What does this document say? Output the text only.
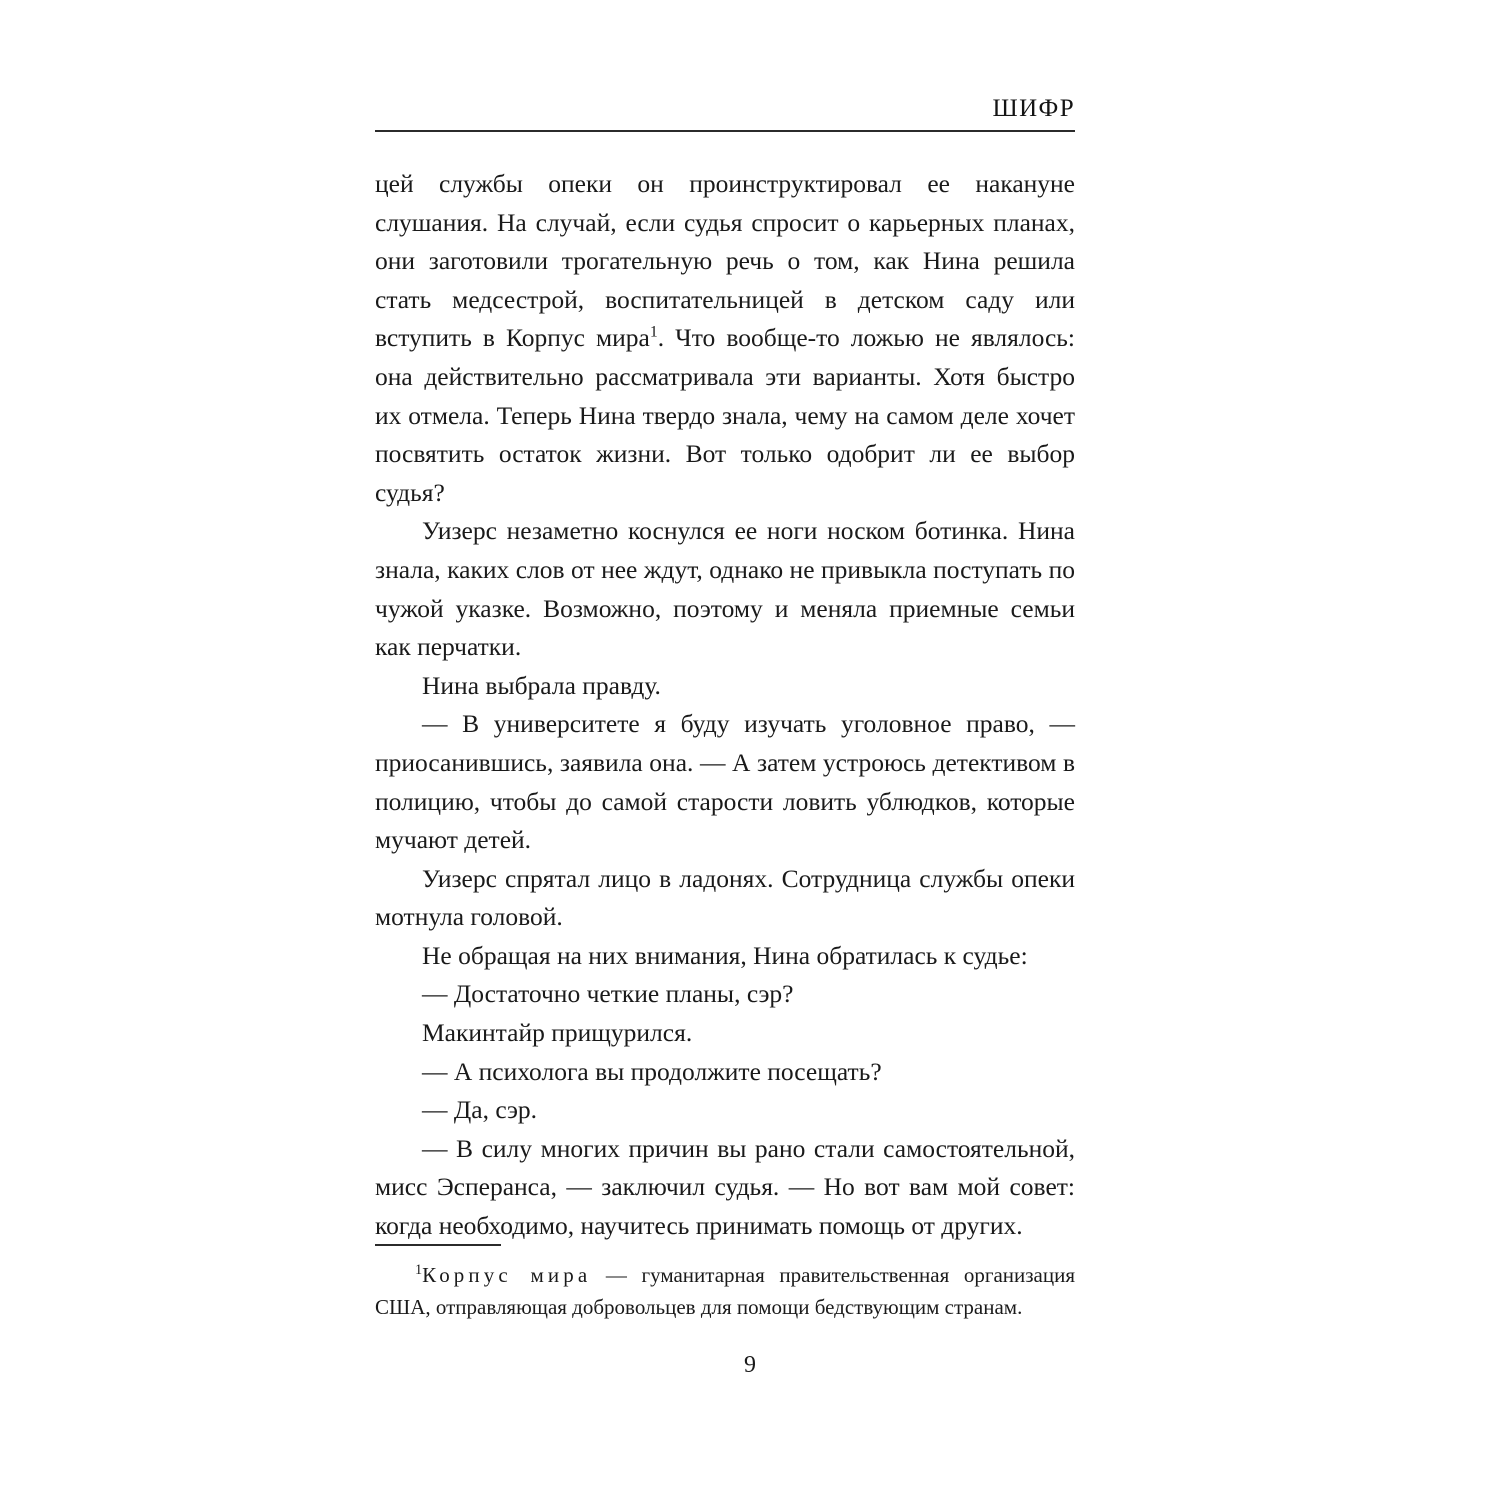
ШИФР

цей службы опеки он проинструктировал ее накануне слушания. На случай, если судья спросит о карьерных планах, они заготовили трогательную речь о том, как Нина решила стать медсестрой, воспитательницей в детском саду или вступить в Корпус мира$^1$. Что вообще-то ложью не являлось: она действительно рассматривала эти варианты. Хотя быстро их отмела. Теперь Нина твердо знала, чему на самом деле хочет посвятить остаток жизни. Вот только одобрит ли ее выбор судья?

Уизерс незаметно коснулся ее ноги носком ботинка. Нина знала, каких слов от нее ждут, однако не привыкла поступать по чужой указке. Возможно, поэтому и меняла приемные семьи как перчатки.

Нина выбрала правду.

— В университете я буду изучать уголовное право, — приосанившись, заявила она. — А затем устроюсь детективом в полицию, чтобы до самой старости ловить ублюдков, которые мучают детей.

Уизерс спрятал лицо в ладонях. Сотрудница службы опеки мотнула головой.

Не обращая на них внимания, Нина обратилась к судье:

— Достаточно четкие планы, сэр?

Макинтайр прищурился.

— А психолога вы продолжите посещать?

— Да, сэр.

— В силу многих причин вы рано стали самостоятельной, мисс Эсперанса, — заключил судья. — Но вот вам мой совет: когда необходимо, научитесь принимать помощь от других.

$^1$Корпус мира — гуманитарная правительственная организация США, отправляющая добровольцев для помощи бедствующим странам.

9
